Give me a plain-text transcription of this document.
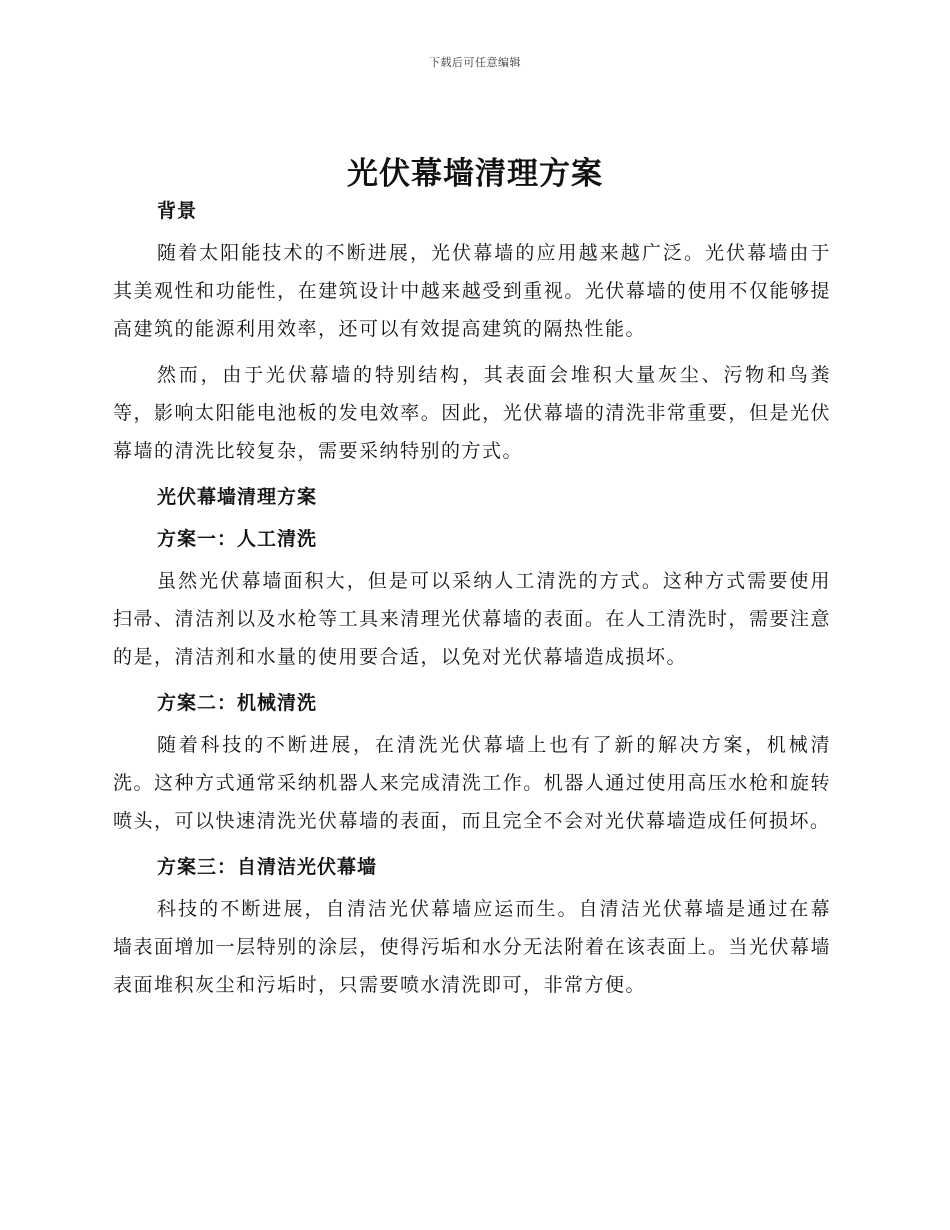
下载后可任意编辑
光伏幕墙清理方案

背景

随着太阳能技术的不断进展，光伏幕墙的应用越来越广泛。光伏幕墙由于其美观性和功能性，在建筑设计中越来越受到重视。光伏幕墙的使用不仅能够提高建筑的能源利用效率，还可以有效提高建筑的隔热性能。

然而，由于光伏幕墙的特别结构，其表面会堆积大量灰尘、污物和鸟粪等，影响太阳能电池板的发电效率。因此，光伏幕墙的清洗非常重要，但是光伏幕墙的清洗比较复杂，需要采纳特别的方式。

光伏幕墙清理方案

方案一：人工清洗

虽然光伏幕墙面积大，但是可以采纳人工清洗的方式。这种方式需要使用扫帚、清洁剂以及水枪等工具来清理光伏幕墙的表面。在人工清洗时，需要注意的是，清洁剂和水量的使用要合适，以免对光伏幕墙造成损坏。

方案二：机械清洗

随着科技的不断进展，在清洗光伏幕墙上也有了新的解决方案，机械清洗。这种方式通常采纳机器人来完成清洗工作。机器人通过使用高压水枪和旋转喷头，可以快速清洗光伏幕墙的表面，而且完全不会对光伏幕墙造成任何损坏。

方案三：自清洁光伏幕墙

科技的不断进展，自清洁光伏幕墙应运而生。自清洁光伏幕墙是通过在幕墙表面增加一层特别的涂层，使得污垢和水分无法附着在该表面上。当光伏幕墙表面堆积灰尘和污垢时，只需要喷水清洗即可，非常方便。
